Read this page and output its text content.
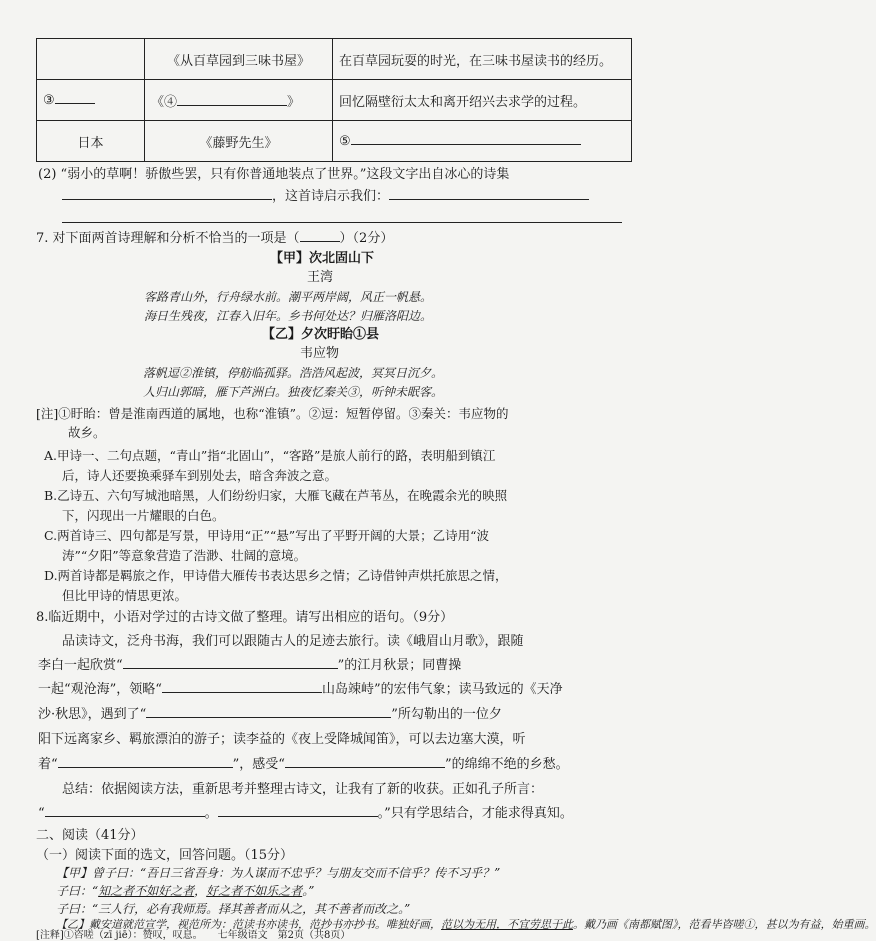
	《从百草园到三味书屋》	在百草园玩耍的时光，在三味书屋读书的经历。
③	《④ 》	回忆隔壁衍太太和离开绍兴去求学的过程。
日本	《藤野先生》	⑤
(2) “弱小的草啊！骄傲些罢，只有你普通地装点了世界。”这段文字出自冰心的诗集
，这首诗启示我们：
7. 对下面两首诗理解和分析不恰当的一项是（	）（2分）
【甲】次北固山下
王湾
客路青山外，行舟绿水前。潮平两岸阔，风正一帆悬。
海日生残夜，江春入旧年。乡书何处达？归雁洛阳边。
【乙】夕次盱眙①县
韦应物
落帆逗②淮镇，停舫临孤驿。浩浩风起波，冥冥日沉夕。
人归山郭暗，雁下芦洲白。独夜忆秦关③，听钟未眠客。
[注]①盱眙：曾是淮南西道的属地，也称“淮镇”。②逗：短暂停留。③秦关：韦应物的
故乡。
A.甲诗一、二句点题，“青山”指“北固山”，“客路”是旅人前行的路，表明船到镇江
后，诗人还要换乘驿车到别处去，暗含奔波之意。
B.乙诗五、六句写城池暗黑，人们纷纷归家，大雁飞藏在芦苇丛，在晚霞余光的映照
下，闪现出一片耀眼的白色。
C.两首诗三、四句都是写景，甲诗用“正”“悬”写出了平野开阔的大景；乙诗用“波
涛”“夕阳”等意象营造了浩渺、壮阔的意境。
D.两首诗都是羁旅之作，甲诗借大雁传书表达思乡之情；乙诗借钟声烘托旅思之情，
但比甲诗的情思更浓。
8.临近期中，小语对学过的古诗文做了整理。请写出相应的语句。（9分）
品读诗文，泛舟书海，我们可以跟随古人的足迹去旅行。读《峨眉山月歌》，跟随
李白一起欣赏“	”的江月秋景；同曹操
一起“观沧海”，领略“	山岛竦峙”的宏伟气象；读马致远的《天净
沙·秋思》，遇到了“	”所勾勒出的一位夕
阳下远离家乡、羁旅漂泊的游子；读李益的《夜上受降城闻笛》，可以去边塞大漠，听
着“	”，感受“	”的绵绵不绝的乡愁。
总结：依据阅读方法，重新思考并整理古诗文，让我有了新的收获。正如孔子所言：
“	。	。”只有学思结合，才能求得真知。
二、阅读（41分）
（一）阅读下面的选文，回答问题。（15分）
【甲】曾子曰：“吾日三省吾身：为人谋而不忠乎？与朋友交而不信乎？传不习乎？”
子曰：“知之者不如好之者，好之者不如乐之者。”
子曰：“三人行，必有我师焉。择其善者而从之，其不善者而改之。”
【乙】戴安道就范宣学，视范所为：范读书亦读书，范抄书亦抄书。唯独好画，范以为无用，不宜劳思于此。戴乃画《南都赋图》，范看毕咨嗟①，甚以为有益，始重画。
[注释]①咨嗟（zī jiē）：赞叹，叹息。　　 七年级语文　第2页（共8页）
